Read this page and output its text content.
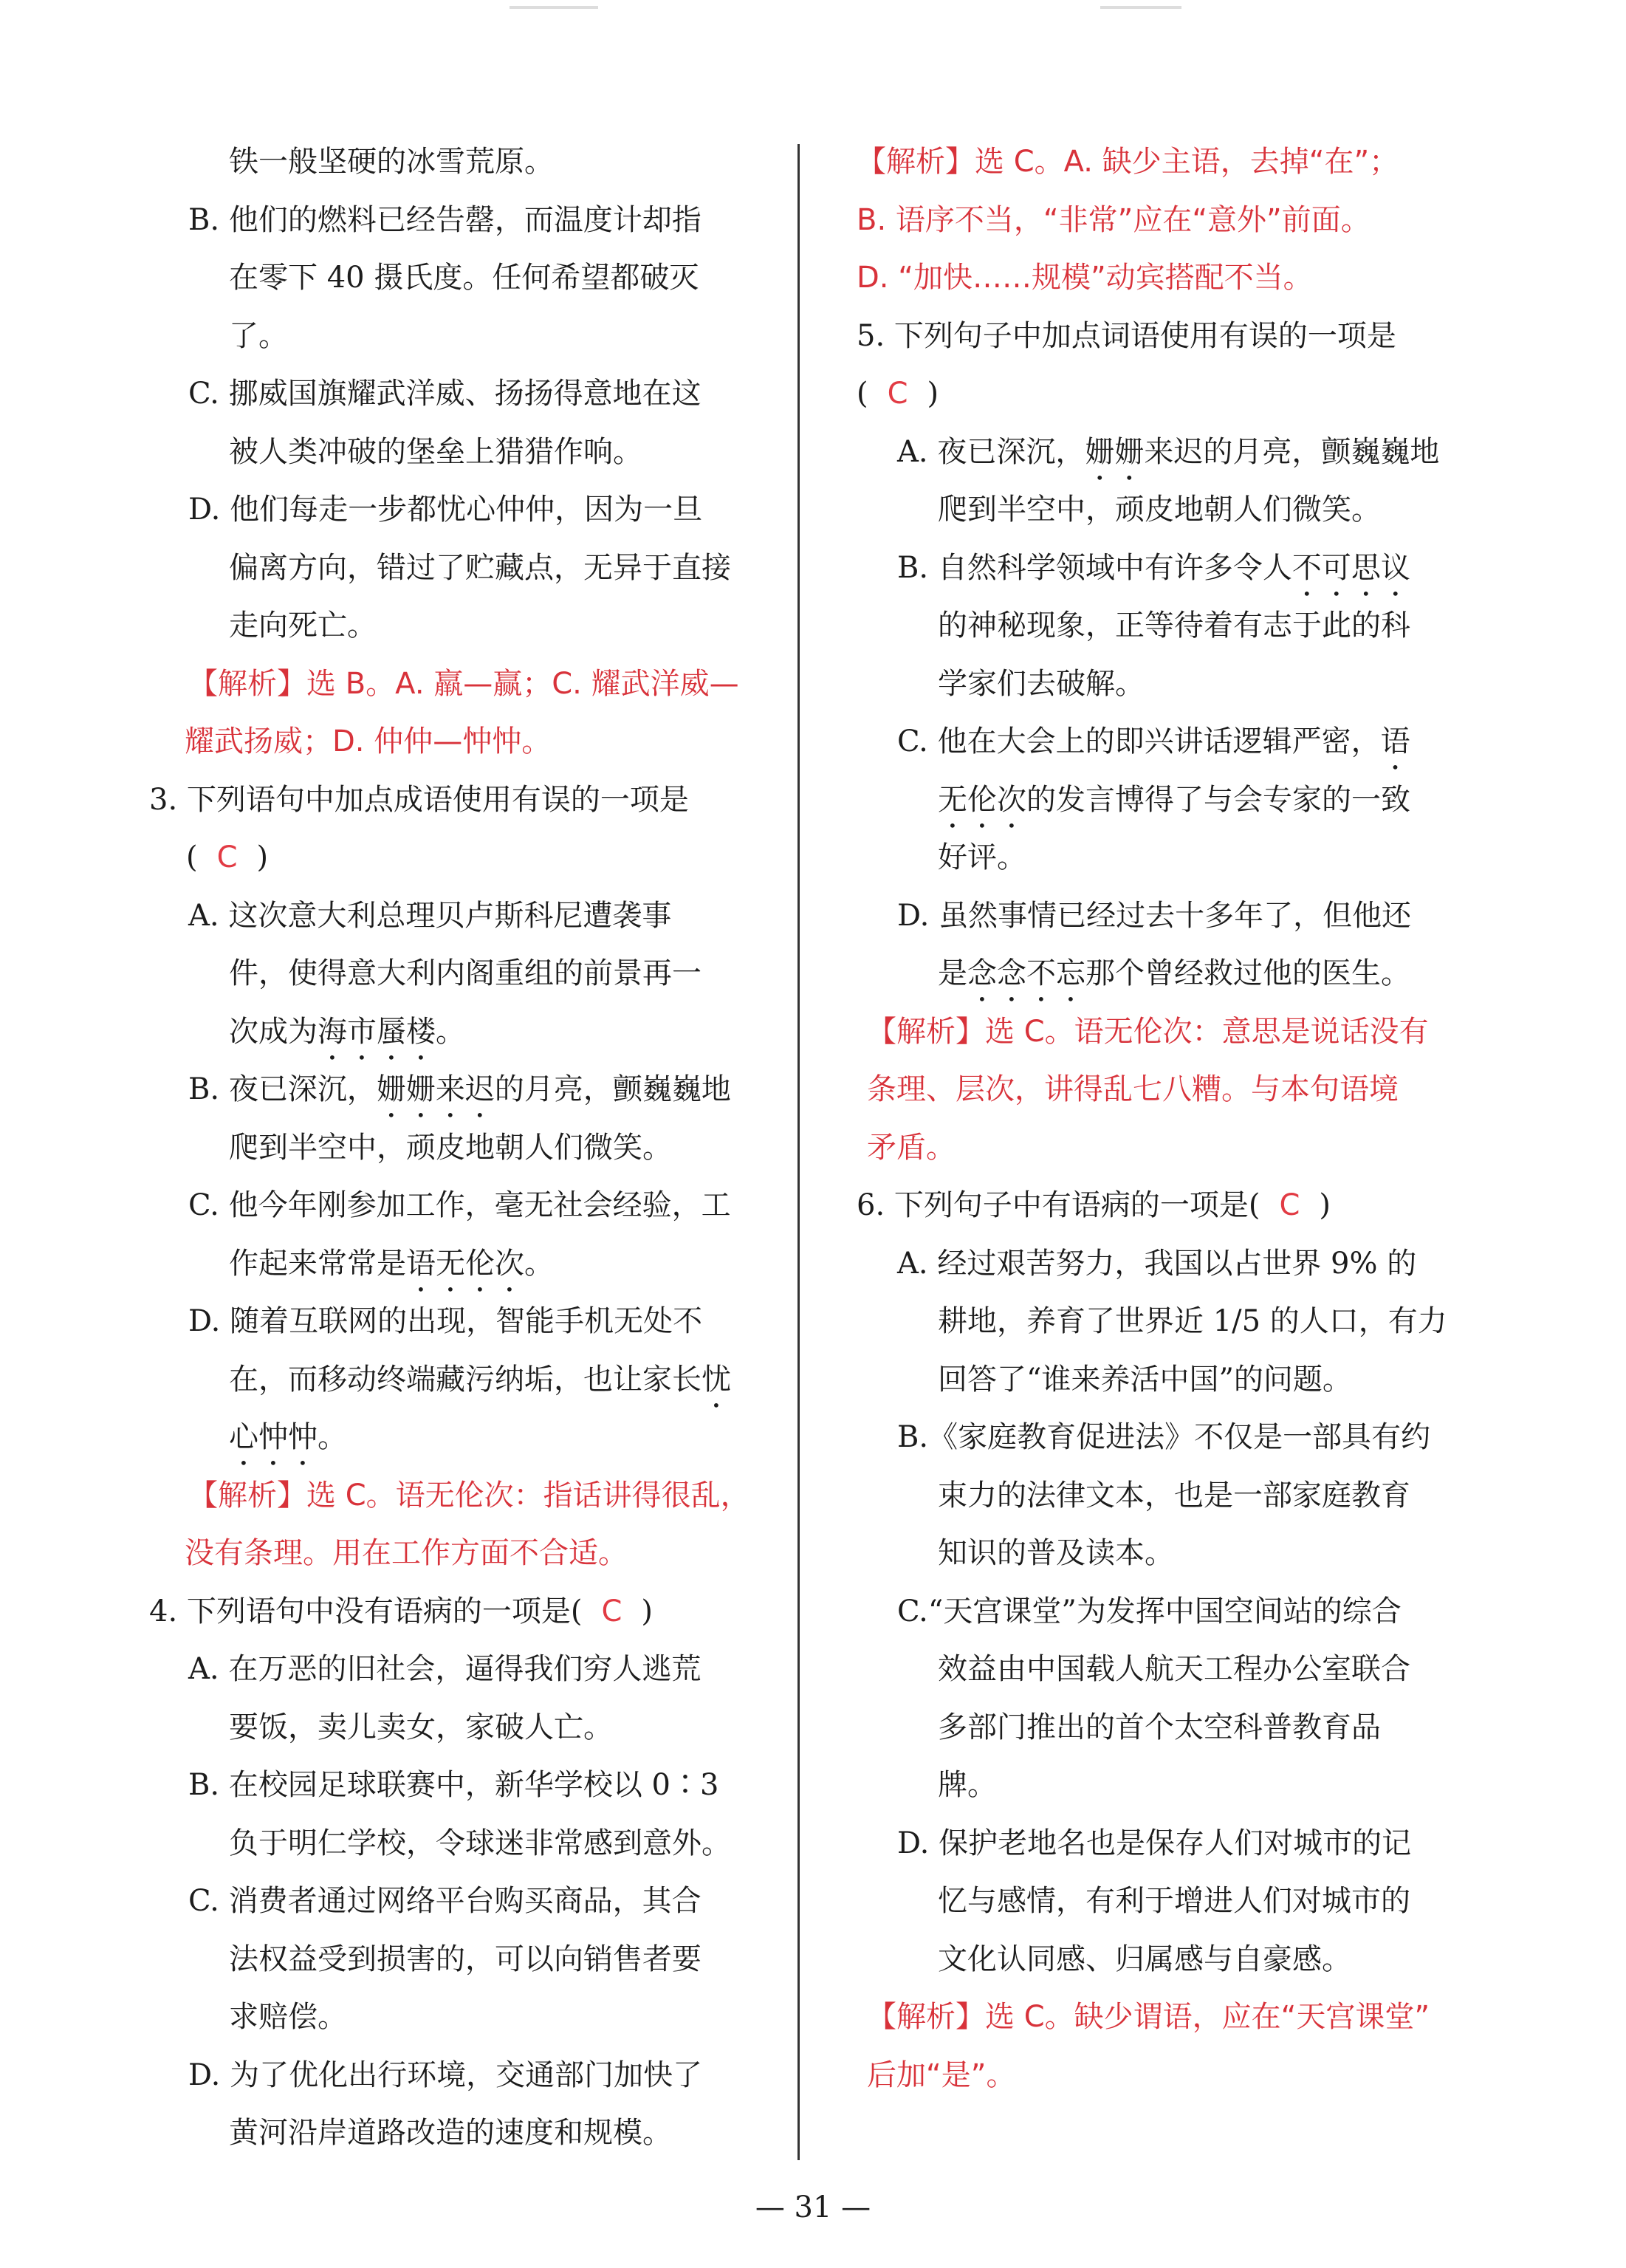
铁一般坚硬的冰雪荒原。
B. 他们的燃料已经告罄，而温度计却指
在零下 40 摄氏度。任何希望都破灭
了。
C. 挪威国旗耀武洋威、扬扬得意地在这
被人类冲破的堡垒上猎猎作响。
D. 他们每走一步都忧心仲仲，因为一旦
偏离方向，错过了贮藏点，无异于直接
走向死亡。
【解析】选 B。A. 羸—赢；C. 耀武洋威—
耀武扬威；D. 仲仲—忡忡。
3. 下列语句中加点成语使用有误的一项是
( C )
A. 这次意大利总理贝卢斯科尼遭袭事
件，使得意大利内阁重组的前景再一
次成为海市蜃楼。
B. 夜已深沉，姗姗来迟的月亮，颤巍巍地
爬到半空中，顽皮地朝人们微笑。
C. 他今年刚参加工作，毫无社会经验，工
作起来常常是语无伦次。
D. 随着互联网的出现，智能手机无处不
在，而移动终端藏污纳垢，也让家长忧
心忡忡。
【解析】选 C。语无伦次：指话讲得很乱，
没有条理。用在工作方面不合适。
4. 下列语句中没有语病的一项是( C )
A. 在万恶的旧社会，逼得我们穷人逃荒
要饭，卖儿卖女，家破人亡。
B. 在校园足球联赛中，新华学校以 0∶3
负于明仁学校，令球迷非常感到意外。
C. 消费者通过网络平台购买商品，其合
法权益受到损害的，可以向销售者要
求赔偿。
D. 为了优化出行环境，交通部门加快了
黄河沿岸道路改造的速度和规模。
【解析】选 C。A. 缺少主语，去掉“在”；
B. 语序不当，“非常”应在“意外”前面。
D. “加快……规模”动宾搭配不当。
5. 下列句子中加点词语使用有误的一项是
( C )
A. 夜已深沉，姗姗来迟的月亮，颤巍巍地
爬到半空中，顽皮地朝人们微笑。
B. 自然科学领域中有许多令人不可思议
的神秘现象，正等待着有志于此的科
学家们去破解。
C. 他在大会上的即兴讲话逻辑严密，语
无伦次的发言博得了与会专家的一致
好评。
D. 虽然事情已经过去十多年了，但他还
是念念不忘那个曾经救过他的医生。
【解析】选 C。语无伦次：意思是说话没有
条理、层次，讲得乱七八糟。与本句语境
矛盾。
6. 下列句子中有语病的一项是( C )
A. 经过艰苦努力，我国以占世界 9% 的
耕地，养育了世界近 1/5 的人口，有力
回答了“谁来养活中国”的问题。
B.《家庭教育促进法》不仅是一部具有约
束力的法律文本，也是一部家庭教育
知识的普及读本。
C.“天宫课堂”为发挥中国空间站的综合
效益由中国载人航天工程办公室联合
多部门推出的首个太空科普教育品
牌。
D. 保护老地名也是保存人们对城市的记
忆与感情，有利于增进人们对城市的
文化认同感、归属感与自豪感。
【解析】选 C。缺少谓语，应在“天宫课堂”
后加“是”。
— 31 —
